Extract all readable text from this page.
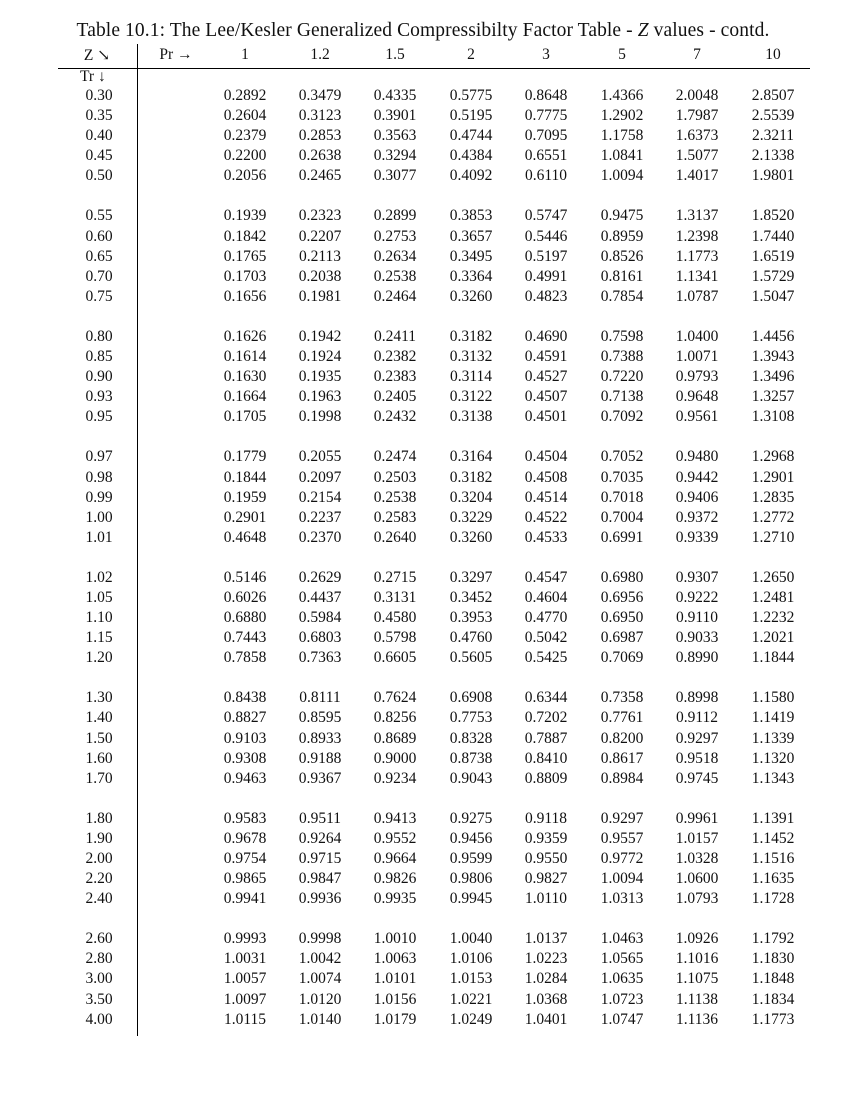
Table 10.1: The Lee/Kesler Generalized Compressibilty Factor Table - Z values - contd.
Z ↘	Pr →	1	1.2	1.5	2	3	5	7	10
Tr ↓
0.30	0.2892	0.3479	0.4335	0.5775	0.8648	1.4366	2.0048	2.8507
0.35	0.2604	0.3123	0.3901	0.5195	0.7775	1.2902	1.7987	2.5539
0.40	0.2379	0.2853	0.3563	0.4744	0.7095	1.1758	1.6373	2.3211
0.45	0.2200	0.2638	0.3294	0.4384	0.6551	1.0841	1.5077	2.1338
0.50	0.2056	0.2465	0.3077	0.4092	0.6110	1.0094	1.4017	1.9801
0.55	0.1939	0.2323	0.2899	0.3853	0.5747	0.9475	1.3137	1.8520
0.60	0.1842	0.2207	0.2753	0.3657	0.5446	0.8959	1.2398	1.7440
0.65	0.1765	0.2113	0.2634	0.3495	0.5197	0.8526	1.1773	1.6519
0.70	0.1703	0.2038	0.2538	0.3364	0.4991	0.8161	1.1341	1.5729
0.75	0.1656	0.1981	0.2464	0.3260	0.4823	0.7854	1.0787	1.5047
0.80	0.1626	0.1942	0.2411	0.3182	0.4690	0.7598	1.0400	1.4456
0.85	0.1614	0.1924	0.2382	0.3132	0.4591	0.7388	1.0071	1.3943
0.90	0.1630	0.1935	0.2383	0.3114	0.4527	0.7220	0.9793	1.3496
0.93	0.1664	0.1963	0.2405	0.3122	0.4507	0.7138	0.9648	1.3257
0.95	0.1705	0.1998	0.2432	0.3138	0.4501	0.7092	0.9561	1.3108
0.97	0.1779	0.2055	0.2474	0.3164	0.4504	0.7052	0.9480	1.2968
0.98	0.1844	0.2097	0.2503	0.3182	0.4508	0.7035	0.9442	1.2901
0.99	0.1959	0.2154	0.2538	0.3204	0.4514	0.7018	0.9406	1.2835
1.00	0.2901	0.2237	0.2583	0.3229	0.4522	0.7004	0.9372	1.2772
1.01	0.4648	0.2370	0.2640	0.3260	0.4533	0.6991	0.9339	1.2710
1.02	0.5146	0.2629	0.2715	0.3297	0.4547	0.6980	0.9307	1.2650
1.05	0.6026	0.4437	0.3131	0.3452	0.4604	0.6956	0.9222	1.2481
1.10	0.6880	0.5984	0.4580	0.3953	0.4770	0.6950	0.9110	1.2232
1.15	0.7443	0.6803	0.5798	0.4760	0.5042	0.6987	0.9033	1.2021
1.20	0.7858	0.7363	0.6605	0.5605	0.5425	0.7069	0.8990	1.1844
1.30	0.8438	0.8111	0.7624	0.6908	0.6344	0.7358	0.8998	1.1580
1.40	0.8827	0.8595	0.8256	0.7753	0.7202	0.7761	0.9112	1.1419
1.50	0.9103	0.8933	0.8689	0.8328	0.7887	0.8200	0.9297	1.1339
1.60	0.9308	0.9188	0.9000	0.8738	0.8410	0.8617	0.9518	1.1320
1.70	0.9463	0.9367	0.9234	0.9043	0.8809	0.8984	0.9745	1.1343
1.80	0.9583	0.9511	0.9413	0.9275	0.9118	0.9297	0.9961	1.1391
1.90	0.9678	0.9264	0.9552	0.9456	0.9359	0.9557	1.0157	1.1452
2.00	0.9754	0.9715	0.9664	0.9599	0.9550	0.9772	1.0328	1.1516
2.20	0.9865	0.9847	0.9826	0.9806	0.9827	1.0094	1.0600	1.1635
2.40	0.9941	0.9936	0.9935	0.9945	1.0110	1.0313	1.0793	1.1728
2.60	0.9993	0.9998	1.0010	1.0040	1.0137	1.0463	1.0926	1.1792
2.80	1.0031	1.0042	1.0063	1.0106	1.0223	1.0565	1.1016	1.1830
3.00	1.0057	1.0074	1.0101	1.0153	1.0284	1.0635	1.1075	1.1848
3.50	1.0097	1.0120	1.0156	1.0221	1.0368	1.0723	1.1138	1.1834
4.00	1.0115	1.0140	1.0179	1.0249	1.0401	1.0747	1.1136	1.1773
